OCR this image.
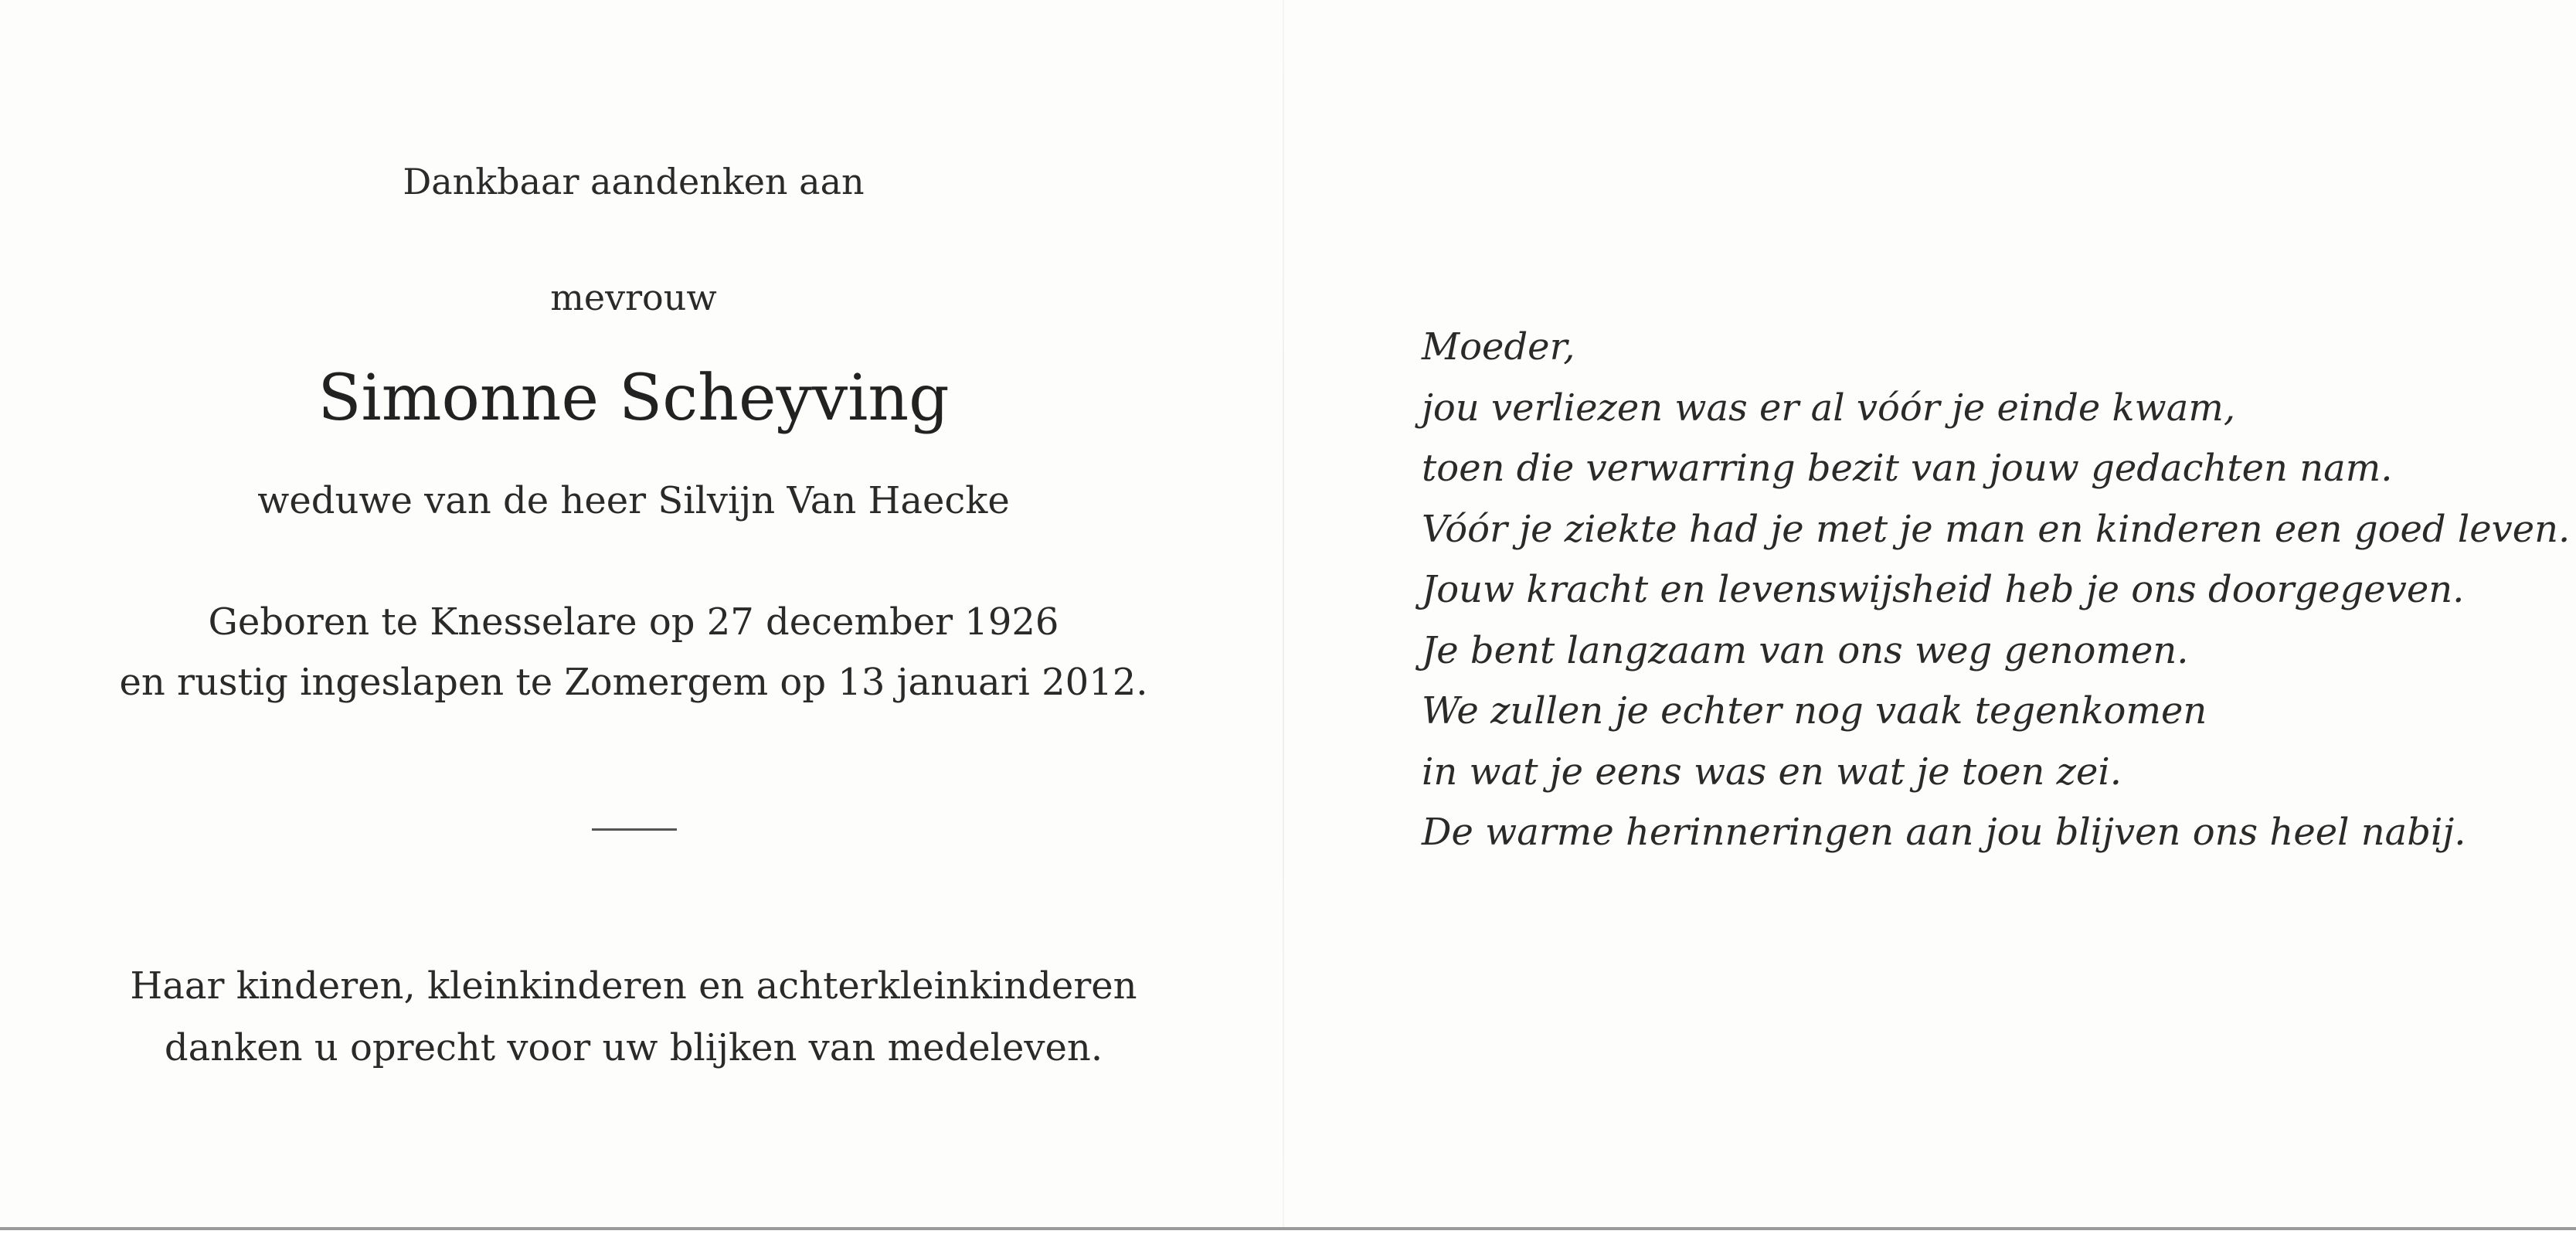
Dankbaar aandenken aan
mevrouw
Simonne Scheyving
weduwe van de heer Silvijn Van Haecke
Geboren te Knesselare op 27 december 1926
en rustig ingeslapen te Zomergem op 13 januari 2012.
Haar kinderen, kleinkinderen en achterkleinkinderen
danken u oprecht voor uw blijken van medeleven.
Moeder,
jou verliezen was er al vóór je einde kwam,
toen die verwarring bezit van jouw gedachten nam.
Vóór je ziekte had je met je man en kinderen een goed leven.
Jouw kracht en levenswijsheid heb je ons doorgegeven.
Je bent langzaam van ons weg genomen.
We zullen je echter nog vaak tegenkomen
in wat je eens was en wat je toen zei.
De warme herinneringen aan jou blijven ons heel nabij.
